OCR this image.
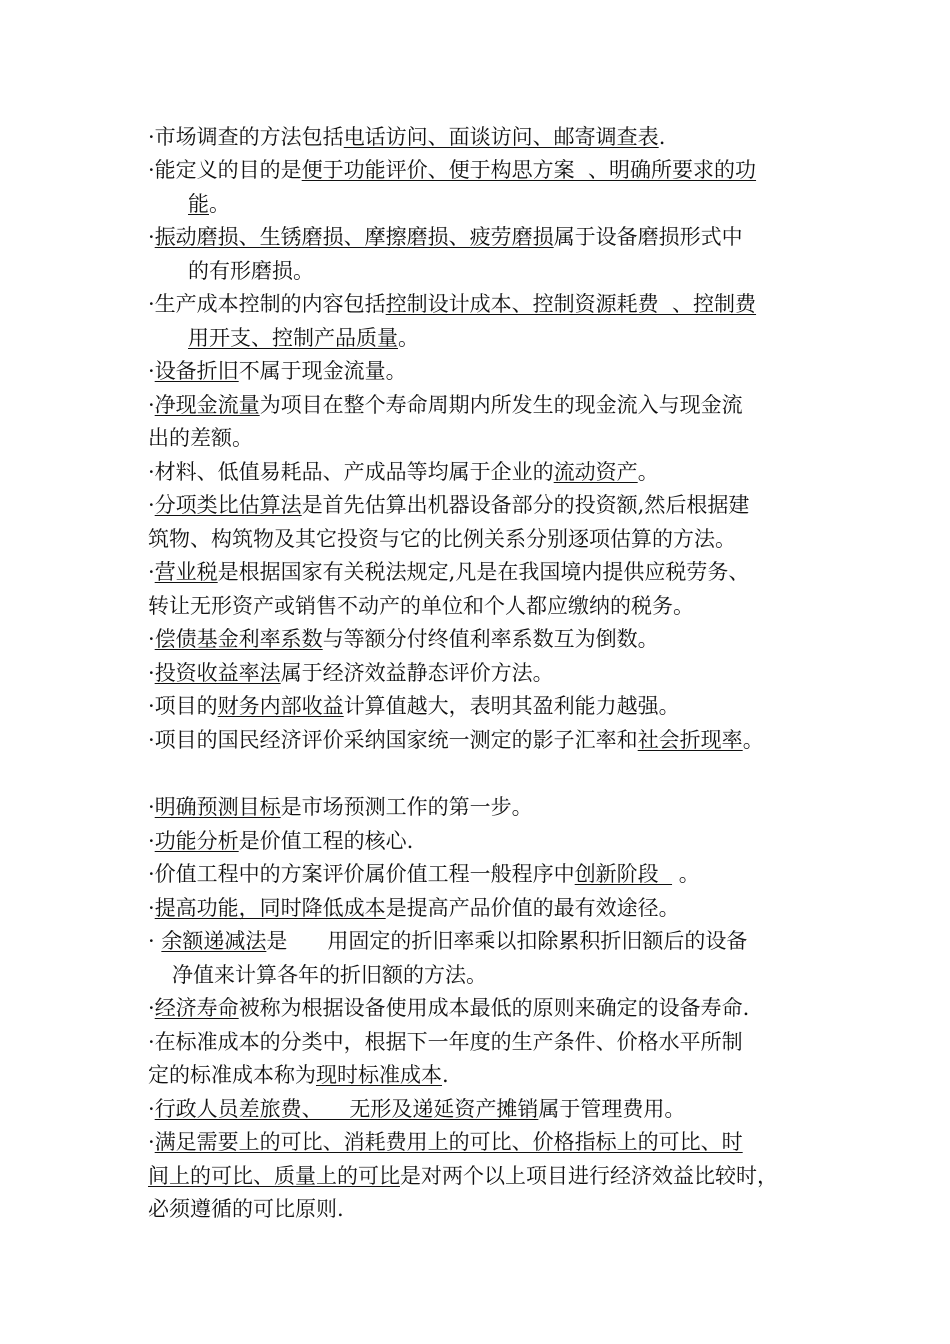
·市场调查的方法包括电话访问、面谈访问、邮寄调查表.
·能定义的目的是便于功能评价、便于构思方案  、明确所要求的功
能。
·振动磨损、生锈磨损、摩擦磨损、疲劳磨损属于设备磨损形式中
的有形磨损。
·生产成本控制的内容包括控制设计成本、控制资源耗费  、控制费
用开支、控制产品质量。
·设备折旧不属于现金流量。
·净现金流量为项目在整个寿命周期内所发生的现金流入与现金流
出的差额。
·材料、低值易耗品、产成品等均属于企业的流动资产。
·分项类比估算法是首先估算出机器设备部分的投资额,然后根据建
筑物、构筑物及其它投资与它的比例关系分别逐项估算的方法。
·营业税是根据国家有关税法规定,凡是在我国境内提供应税劳务、
转让无形资产或销售不动产的单位和个人都应缴纳的税务。
·偿债基金利率系数与等额分付终值利率系数互为倒数。
·投资收益率法属于经济效益静态评价方法。
·项目的财务内部收益计算值越大，表明其盈利能力越强。
·项目的国民经济评价采纳国家统一测定的影子汇率和社会折现率。
·明确预测目标是市场预测工作的第一步。
·功能分析是价值工程的核心.
·价值工程中的方案评价属价值工程一般程序中创新阶段   。
·提高功能，同时降低成本是提高产品价值的最有效途径。
· 余额递减法是      用固定的折旧率乘以扣除累积折旧额后的设备
净值来计算各年的折旧额的方法。
·经济寿命被称为根据设备使用成本最低的原则来确定的设备寿命.
·在标准成本的分类中，根据下一年度的生产条件、价格水平所制
定的标准成本称为现时标准成本.
·行政人员差旅费、    无形及递延资产摊销属于管理费用。
·满足需要上的可比、消耗费用上的可比、价格指标上的可比、时
间上的可比、质量上的可比是对两个以上项目进行经济效益比较时，
必须遵循的可比原则.
